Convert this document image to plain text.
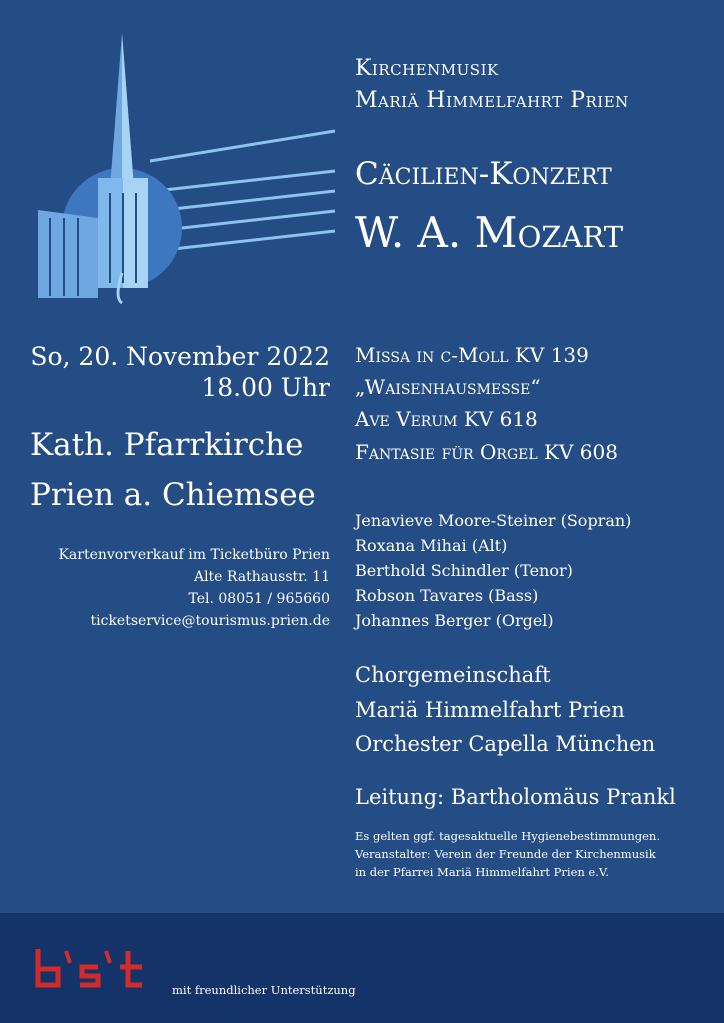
Kirchenmusik
Mariä Himmelfahrt Prien
Cäcilien-Konzert
W. A. Mozart
So, 20. November 2022
18.00 Uhr
Kath. Pfarrkirche
Prien a. Chiemsee
Kartenvorverkauf im Ticketbüro Prien
Alte Rathausstr. 11
Tel. 08051 / 965660
ticketservice@tourismus.prien.de
Missa in c-Moll KV 139
„Waisenhausmesse“
Ave Verum KV 618
Fantasie für Orgel KV 608
Jenavieve Moore-Steiner (Sopran)
Roxana Mihai (Alt)
Berthold Schindler (Tenor)
Robson Tavares (Bass)
Johannes Berger (Orgel)
Chorgemeinschaft
Mariä Himmelfahrt Prien
Orchester Capella München
Leitung: Bartholomäus Prankl
Es gelten ggf. tagesaktuelle Hygienebestimmungen.
Veranstalter: Verein der Freunde der Kirchenmusik
in der Pfarrei Mariä Himmelfahrt Prien e.V.
mit freundlicher Unterstützung
